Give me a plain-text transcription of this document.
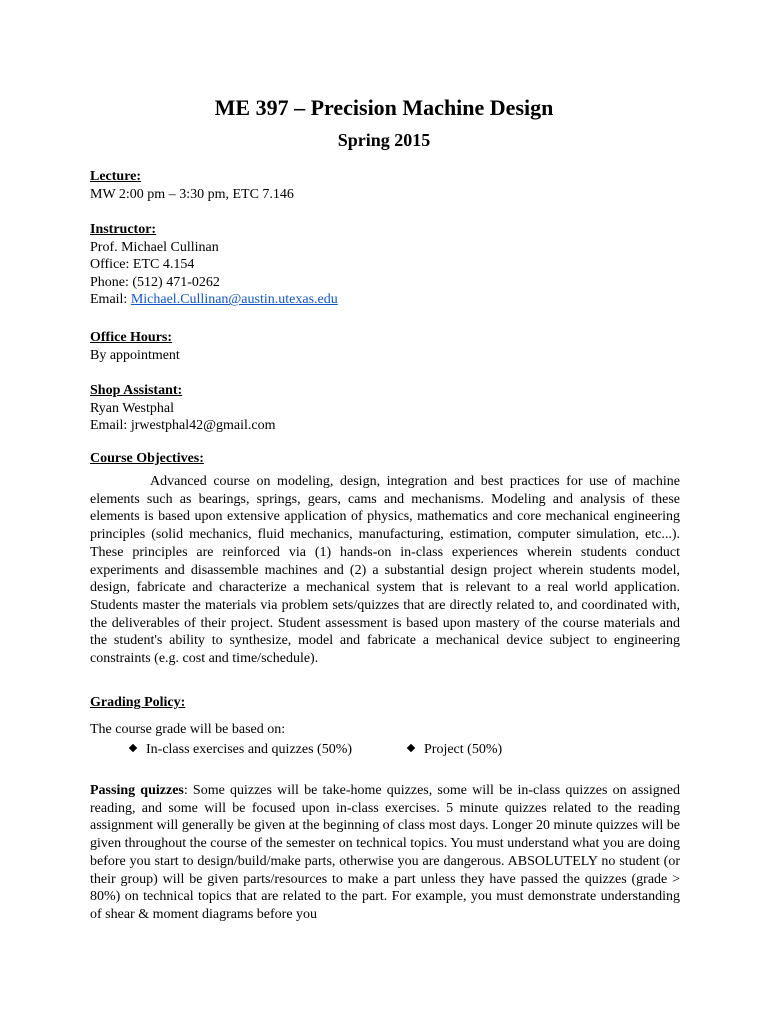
ME 397 – Precision Machine Design
Spring 2015
Lecture:
MW 2:00 pm – 3:30 pm, ETC 7.146
Instructor:
Prof. Michael Cullinan
Office: ETC 4.154
Phone: (512) 471-0262
Email: Michael.Cullinan@austin.utexas.edu
Office Hours:
By appointment
Shop Assistant:
Ryan Westphal
Email: jrwestphal42@gmail.com
Course Objectives:
Advanced course on modeling, design, integration and best practices for use of machine elements such as bearings, springs, gears, cams and mechanisms. Modeling and analysis of these elements is based upon extensive application of physics, mathematics and core mechanical engineering principles (solid mechanics, fluid mechanics, manufacturing, estimation, computer simulation, etc...). These principles are reinforced via (1) hands-on in-class experiences wherein students conduct experiments and disassemble machines and (2) a substantial design project wherein students model, design, fabricate and characterize a mechanical system that is relevant to a real world application. Students master the materials via problem sets/quizzes that are directly related to, and coordinated with, the deliverables of their project. Student assessment is based upon mastery of the course materials and the student's ability to synthesize, model and fabricate a mechanical device subject to engineering constraints (e.g. cost and time/schedule).
Grading Policy:
The course grade will be based on:
In-class exercises and quizzes (50%)	Project (50%)
Passing quizzes: Some quizzes will be take-home quizzes, some will be in-class quizzes on assigned reading, and some will be focused upon in-class exercises. 5 minute quizzes related to the reading assignment will generally be given at the beginning of class most days. Longer 20 minute quizzes will be given throughout the course of the semester on technical topics. You must understand what you are doing before you start to design/build/make parts, otherwise you are dangerous. ABSOLUTELY no student (or their group) will be given parts/resources to make a part unless they have passed the quizzes (grade > 80%) on technical topics that are related to the part. For example, you must demonstrate understanding of shear & moment diagrams before you
